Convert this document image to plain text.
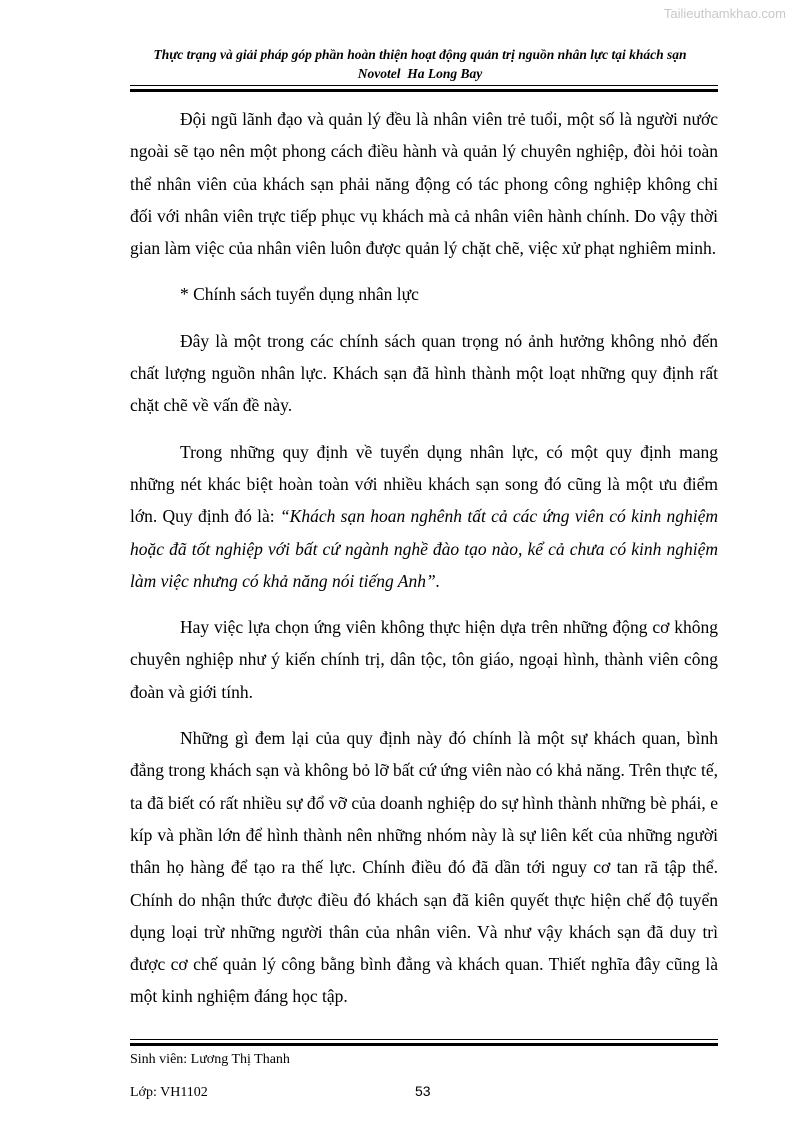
Tailieuthamkhao.com
Thực trạng và giải pháp góp phần hoàn thiện hoạt động quản trị nguồn nhân lực tại khách sạn
Novotel  Ha Long Bay

Đội ngũ lãnh đạo và quản lý đều là nhân viên trẻ tuổi, một số là người nước ngoài sẽ tạo nên một phong cách điều hành và quản lý chuyên nghiệp, đòi hỏi toàn thể nhân viên của khách sạn phải năng động có tác phong công nghiệp không chỉ đối với nhân viên trực tiếp phục vụ khách mà cả nhân viên hành chính. Do vậy thời gian làm việc của nhân viên luôn được quản lý chặt chẽ, việc xử phạt nghiêm minh.

* Chính sách tuyển dụng nhân lực

Đây là một trong các chính sách quan trọng nó ảnh hưởng không nhỏ đến chất lượng nguồn nhân lực. Khách sạn đã hình thành một loạt những quy định rất chặt chẽ về vấn đề này.

Trong những quy định về tuyển dụng nhân lực, có một quy định mang những nét khác biệt hoàn toàn với nhiều khách sạn song đó cũng là một ưu điểm lớn. Quy định đó là: “Khách sạn hoan nghênh tất cả các ứng viên có kinh nghiệm hoặc đã tốt nghiệp với bất cứ ngành nghề đào tạo nào, kể cả chưa có kinh nghiệm làm việc nhưng có khả năng nói tiếng Anh”.

Hay việc lựa chọn ứng viên không thực hiện dựa trên những động cơ không chuyên nghiệp như ý kiến chính trị, dân tộc, tôn giáo, ngoại hình, thành viên công đoàn và giới tính.

Những gì đem lại của quy định này đó chính là một sự khách quan, bình đẳng trong khách sạn và không bỏ lỡ bất cứ ứng viên nào có khả năng. Trên thực tế, ta đã biết có rất nhiều sự đổ vỡ của doanh nghiệp do sự hình thành những bè phái, e kíp và phần lớn để hình thành nên những nhóm này là sự liên kết của những người thân họ hàng để tạo ra thế lực. Chính điều đó đã dần tới nguy cơ tan rã tập thể. Chính do nhận thức được điều đó khách sạn đã kiên quyết thực hiện chế độ tuyển dụng loại trừ những người thân của nhân viên. Và như vậy khách sạn đã duy trì được cơ chế quản lý công bằng bình đẳng và khách quan. Thiết nghĩa đây cũng là một kinh nghiệm đáng học tập.

Sinh viên: Lương Thị Thanh
Lớp: VH1102	53
